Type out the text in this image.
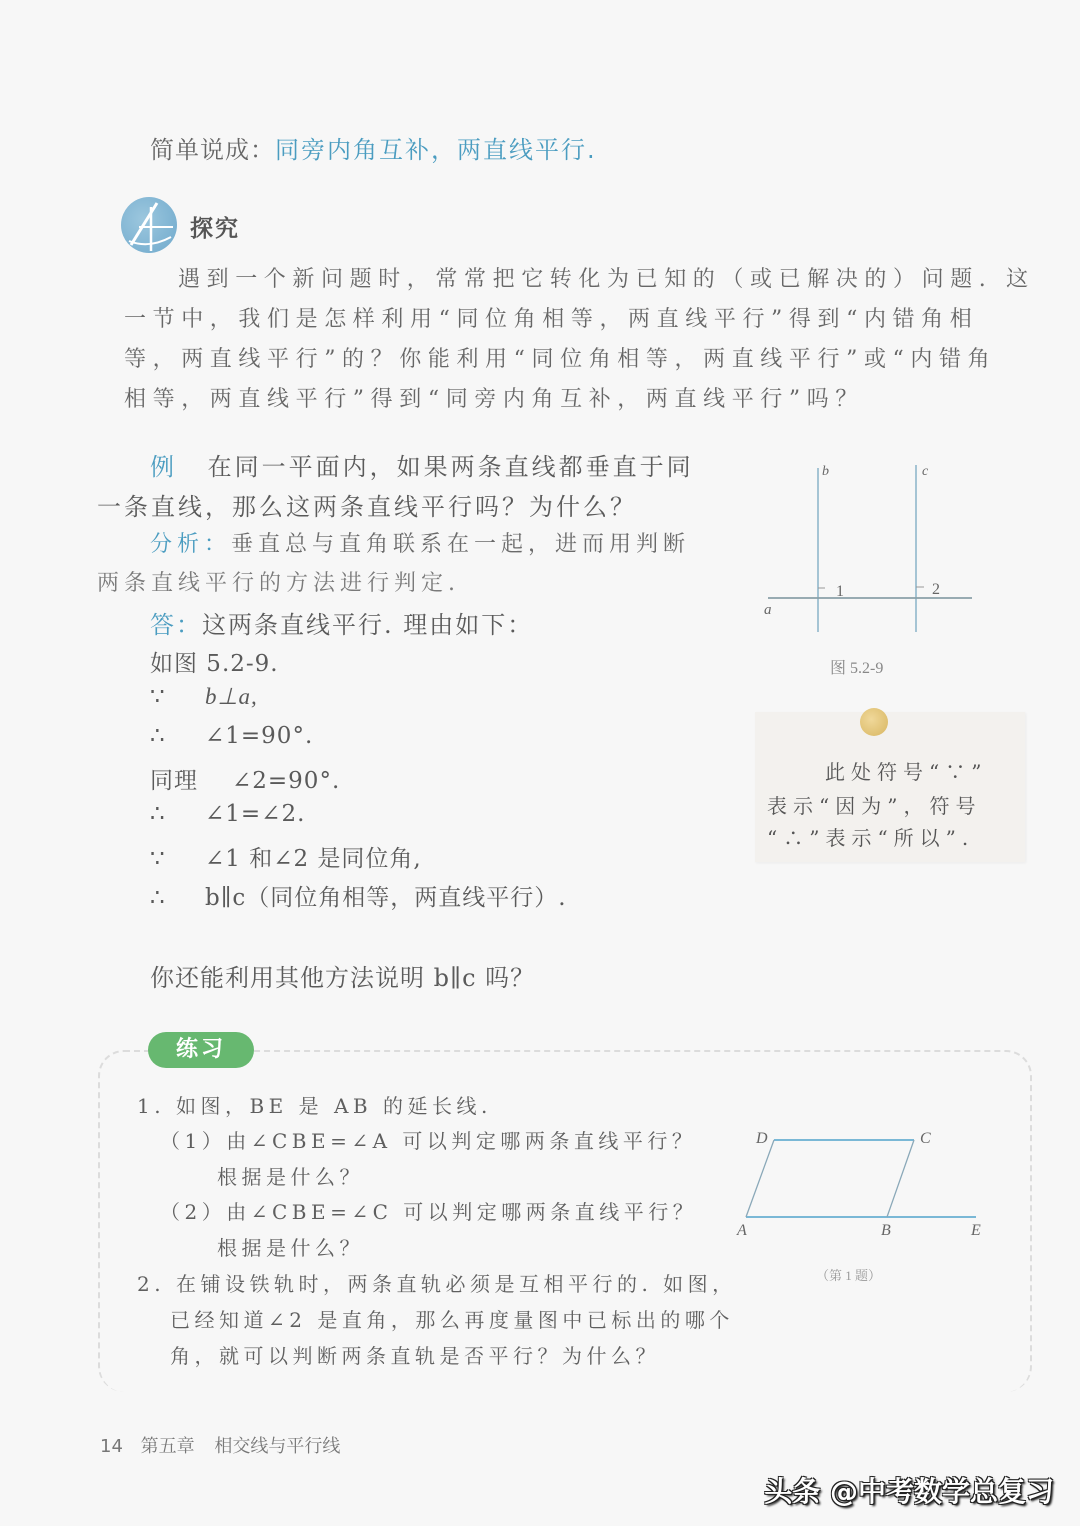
简单说成：同旁内角互补，两直线平行.
探究
遇到一个新问题时，常常把它转化为已知的（或已解决的）问题. 这
一节中，我们是怎样利用“同位角相等，两直线平行”得到“内错角相
等，两直线平行”的？你能利用“同位角相等，两直线平行”或“内错角
相等，两直线平行”得到“同旁内角互补，两直线平行”吗？
例 在同一平面内，如果两条直线都垂直于同
一条直线，那么这两条直线平行吗？为什么？
分析：垂直总与直角联系在一起，进而用判断
两条直线平行的方法进行判定.
答：这两条直线平行. 理由如下：
如图 5.2-9.
∵ b⊥a,
∴ ∠1=90°.
同理 ∠2=90°.
∴ ∠1=∠2.
∵ ∠1 和∠2 是同位角,
∴ b∥c（同位角相等，两直线平行）.
b	c
a
1	2
图 5.2-9
此处符号“∵”
表示“因为”，符号
“∴”表示“所以”.
你还能利用其他方法说明 b∥c 吗？
练习
1. 如图，BE 是 AB 的延长线.
（1）由∠CBE=∠A 可以判定哪两条直线平行？
根据是什么？
（2）由∠CBE=∠C 可以判定哪两条直线平行？
根据是什么？
2. 在铺设铁轨时，两条直轨必须是互相平行的. 如图，
已经知道∠2 是直角，那么再度量图中已标出的哪个
角，就可以判断两条直轨是否平行？为什么？
D	C
A	B	E
（第 1 题）
14 第五章 相交线与平行线
头条 @中考数学总复习
